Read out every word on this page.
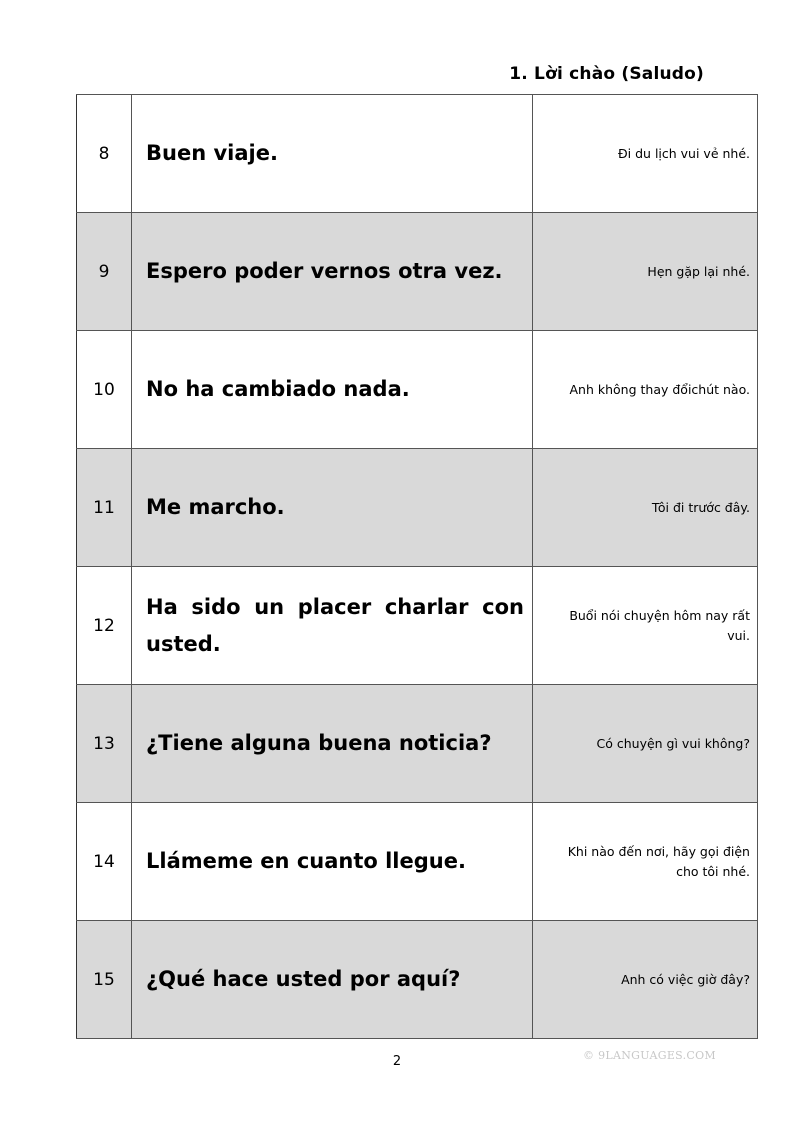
1. Lời chào (Saludo)
8	Buen viaje.	Đi du lịch vui vẻ nhé.
9	Espero poder vernos otra vez.	Hẹn gặp lại nhé.
10	No ha cambiado nada.	Anh không thay đổichút nào.
11	Me marcho.	Tôi đi trước đây.
12	Ha sido un placer charlar con usted.	Buổi nói chuyện hôm nay rất vui.
13	¿Tiene alguna buena noticia?	Có chuyện gì vui không?
14	Llámeme en cuanto llegue.	Khi nào đến nơi, hãy gọi điện cho tôi nhé.
15	¿Qué hace usted por aquí?	Anh có việc giờ đây?
2	© 9LANGUAGES.COM
